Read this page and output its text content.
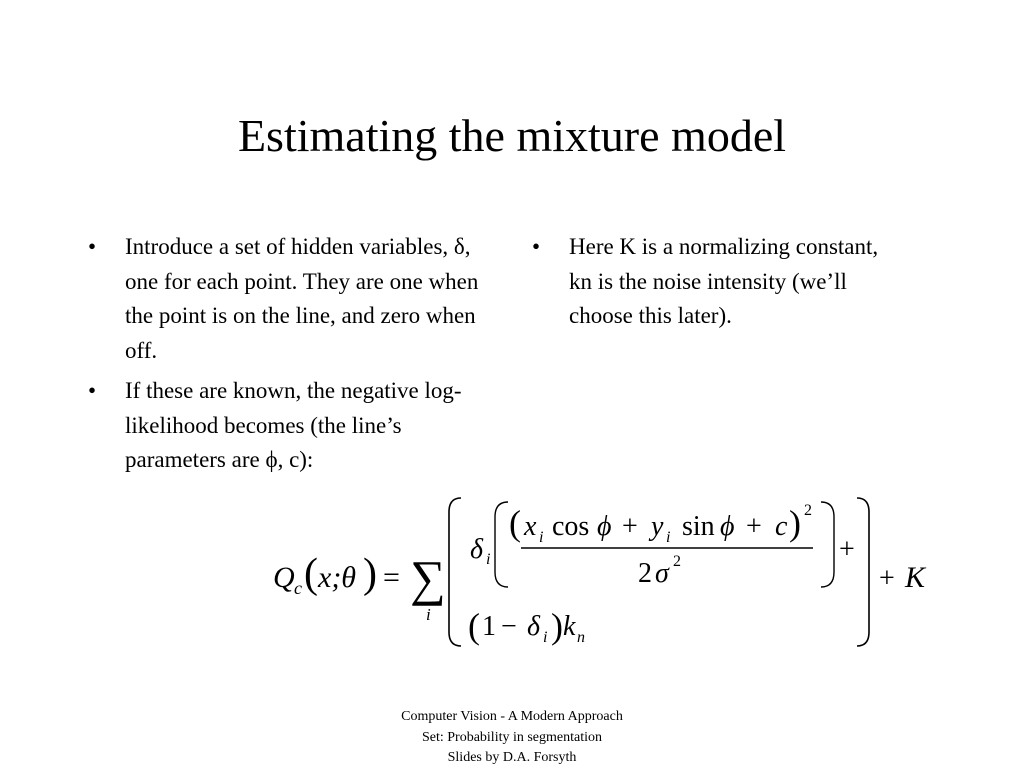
Estimating the mixture model
• Introduce a set of hidden variables, δ, one for each point. They are one when the point is on the line, and zero when off.
• If these are known, the negative log-likelihood becomes (the line’s parameters are ϕ, c):
• Here K is a normalizing constant, kn is the noise intensity (we’ll choose this later).
Q c ( x;θ ) = ∑
i
δ i
( x i cos ϕ + y i sin ϕ + c ) 2
2 σ 2	+
( 1 − δ i ) k n
+ K
Computer Vision - A Modern Approach
Set: Probability in segmentation
Slides by D.A. Forsyth
